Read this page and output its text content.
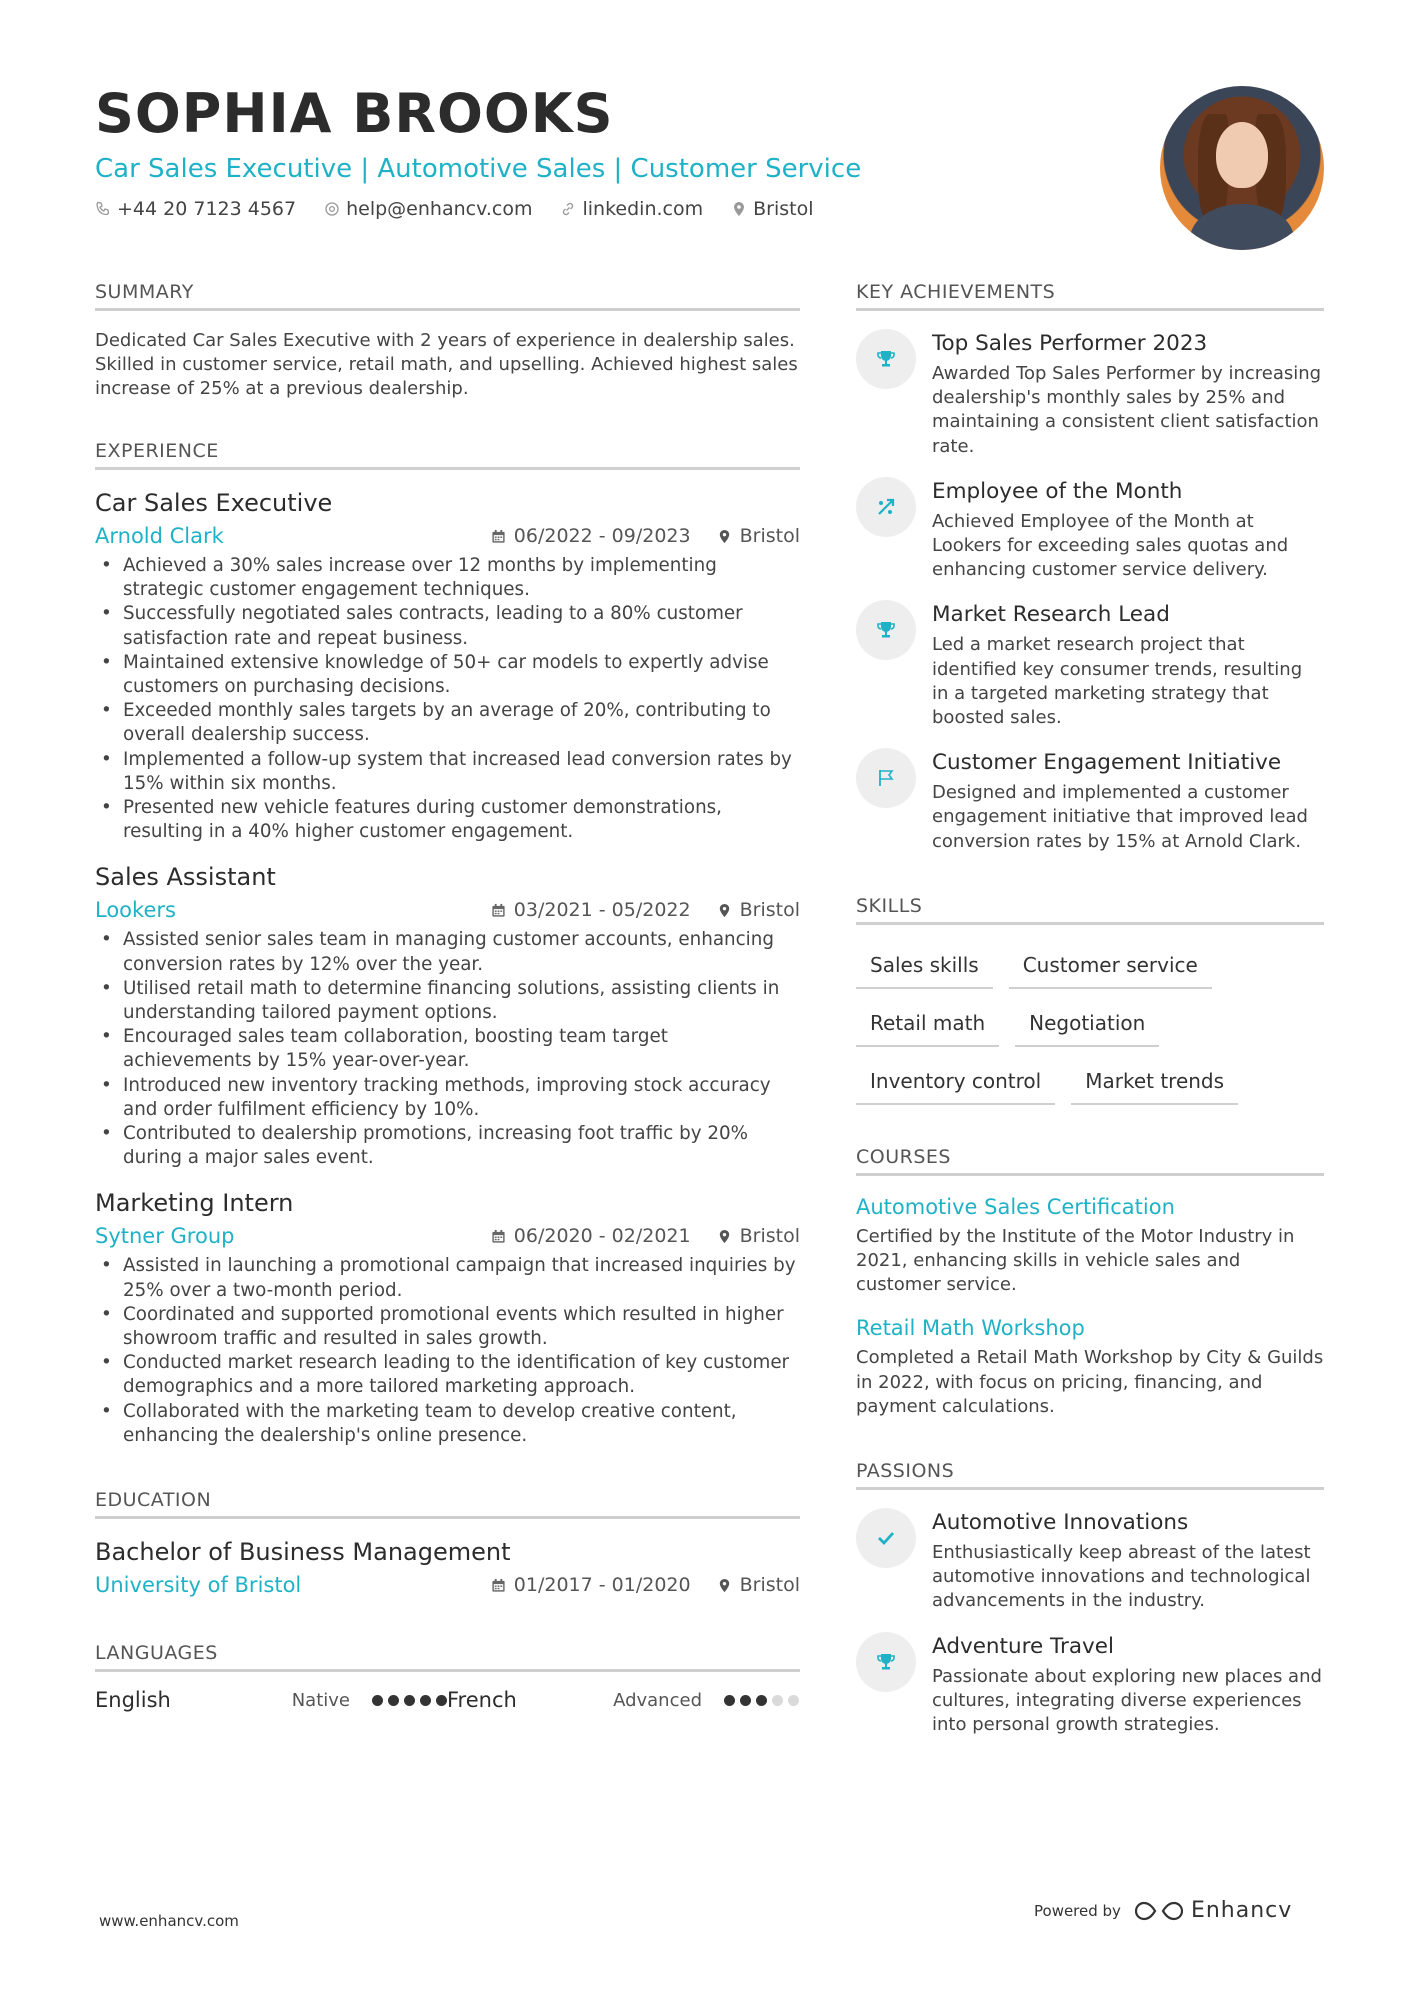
SOPHIA BROOKS
Car Sales Executive | Automotive Sales | Customer Service
+44 20 7123 4567	help@enhancv.com	linkedin.com	Bristol
SUMMARY
Dedicated Car Sales Executive with 2 years of experience in dealership sales. Skilled in customer service, retail math, and upselling. Achieved highest sales increase of 25% at a previous dealership.
EXPERIENCE
Car Sales Executive
Arnold Clark	06/2022 - 09/2023	Bristol
• Achieved a 30% sales increase over 12 months by implementing strategic customer engagement techniques.
• Successfully negotiated sales contracts, leading to a 80% customer satisfaction rate and repeat business.
• Maintained extensive knowledge of 50+ car models to expertly advise customers on purchasing decisions.
• Exceeded monthly sales targets by an average of 20%, contributing to overall dealership success.
• Implemented a follow-up system that increased lead conversion rates by 15% within six months.
• Presented new vehicle features during customer demonstrations, resulting in a 40% higher customer engagement.
Sales Assistant
Lookers	03/2021 - 05/2022	Bristol
• Assisted senior sales team in managing customer accounts, enhancing conversion rates by 12% over the year.
• Utilised retail math to determine financing solutions, assisting clients in understanding tailored payment options.
• Encouraged sales team collaboration, boosting team target achievements by 15% year-over-year.
• Introduced new inventory tracking methods, improving stock accuracy and order fulfilment efficiency by 10%.
• Contributed to dealership promotions, increasing foot traffic by 20% during a major sales event.
Marketing Intern
Sytner Group	06/2020 - 02/2021	Bristol
• Assisted in launching a promotional campaign that increased inquiries by 25% over a two-month period.
• Coordinated and supported promotional events which resulted in higher showroom traffic and resulted in sales growth.
• Conducted market research leading to the identification of key customer demographics and a more tailored marketing approach.
• Collaborated with the marketing team to develop creative content, enhancing the dealership's online presence.
EDUCATION
Bachelor of Business Management
University of Bristol	01/2017 - 01/2020	Bristol
LANGUAGES
English	Native	French	Advanced
KEY ACHIEVEMENTS
Top Sales Performer 2023
Awarded Top Sales Performer by increasing dealership's monthly sales by 25% and maintaining a consistent client satisfaction rate.
Employee of the Month
Achieved Employee of the Month at Lookers for exceeding sales quotas and enhancing customer service delivery.
Market Research Lead
Led a market research project that identified key consumer trends, resulting in a targeted marketing strategy that boosted sales.
Customer Engagement Initiative
Designed and implemented a customer engagement initiative that improved lead conversion rates by 15% at Arnold Clark.
SKILLS
Sales skills	Customer service
Retail math	Negotiation
Inventory control	Market trends
COURSES
Automotive Sales Certification
Certified by the Institute of the Motor Industry in 2021, enhancing skills in vehicle sales and customer service.
Retail Math Workshop
Completed a Retail Math Workshop by City & Guilds in 2022, with focus on pricing, financing, and payment calculations.
PASSIONS
Automotive Innovations
Enthusiastically keep abreast of the latest automotive innovations and technological advancements in the industry.
Adventure Travel
Passionate about exploring new places and cultures, integrating diverse experiences into personal growth strategies.
www.enhancv.com
Powered by	Enhancv
